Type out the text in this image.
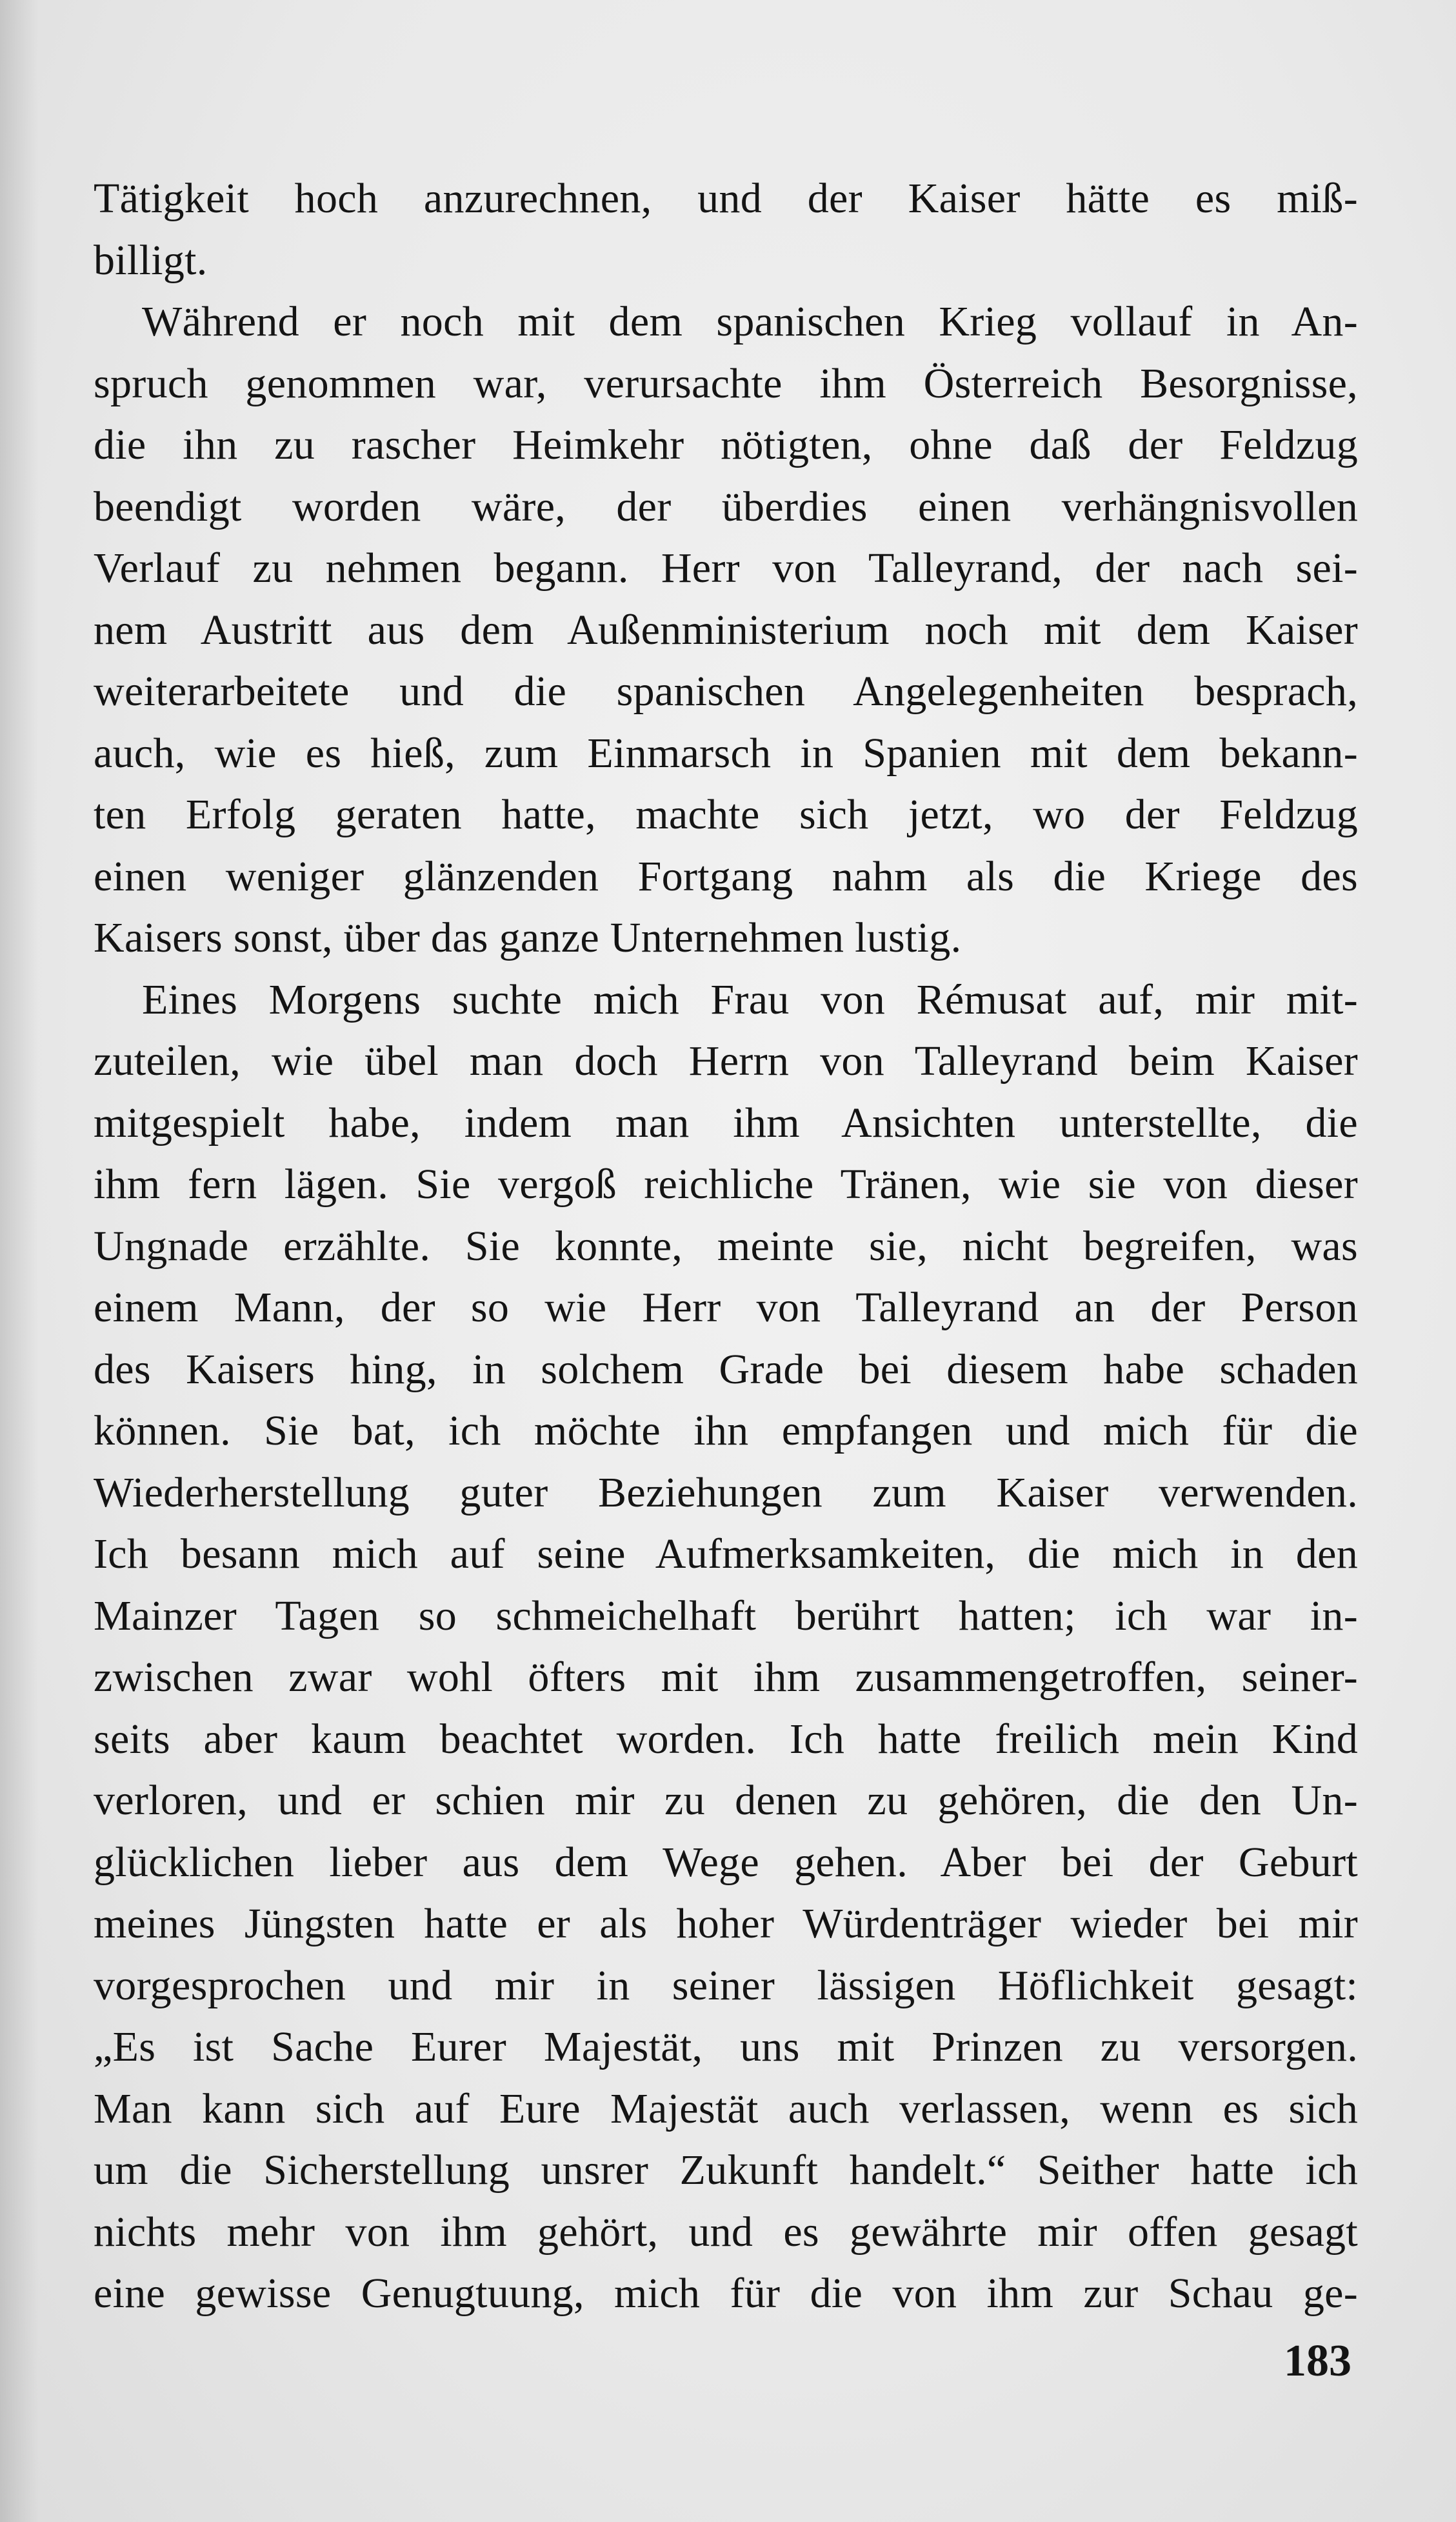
Tätigkeit hoch anzurechnen, und der Kaiser hätte es miß-
billigt.
Während er noch mit dem spanischen Krieg vollauf in An-
spruch genommen war, verursachte ihm Österreich Besorgnisse,
die ihn zu rascher Heimkehr nötigten, ohne daß der Feldzug
beendigt worden wäre, der überdies einen verhängnisvollen
Verlauf zu nehmen begann. Herr von Talleyrand, der nach sei-
nem Austritt aus dem Außenministerium noch mit dem Kaiser
weiterarbeitete und die spanischen Angelegenheiten besprach,
auch, wie es hieß, zum Einmarsch in Spanien mit dem bekann-
ten Erfolg geraten hatte, machte sich jetzt, wo der Feldzug
einen weniger glänzenden Fortgang nahm als die Kriege des
Kaisers sonst, über das ganze Unternehmen lustig.
Eines Morgens suchte mich Frau von Rémusat auf, mir mit-
zuteilen, wie übel man doch Herrn von Talleyrand beim Kaiser
mitgespielt habe, indem man ihm Ansichten unterstellte, die
ihm fern lägen. Sie vergoß reichliche Tränen, wie sie von dieser
Ungnade erzählte. Sie konnte, meinte sie, nicht begreifen, was
einem Mann, der so wie Herr von Talleyrand an der Person
des Kaisers hing, in solchem Grade bei diesem habe schaden
können. Sie bat, ich möchte ihn empfangen und mich für die
Wiederherstellung guter Beziehungen zum Kaiser verwenden.
Ich besann mich auf seine Aufmerksamkeiten, die mich in den
Mainzer Tagen so schmeichelhaft berührt hatten; ich war in-
zwischen zwar wohl öfters mit ihm zusammengetroffen, seiner-
seits aber kaum beachtet worden. Ich hatte freilich mein Kind
verloren, und er schien mir zu denen zu gehören, die den Un-
glücklichen lieber aus dem Wege gehen. Aber bei der Geburt
meines Jüngsten hatte er als hoher Würdenträger wieder bei mir
vorgesprochen und mir in seiner lässigen Höflichkeit gesagt:
„Es ist Sache Eurer Majestät, uns mit Prinzen zu versorgen.
Man kann sich auf Eure Majestät auch verlassen, wenn es sich
um die Sicherstellung unsrer Zukunft handelt.“ Seither hatte ich
nichts mehr von ihm gehört, und es gewährte mir offen gesagt
eine gewisse Genugtuung, mich für die von ihm zur Schau ge-
183
